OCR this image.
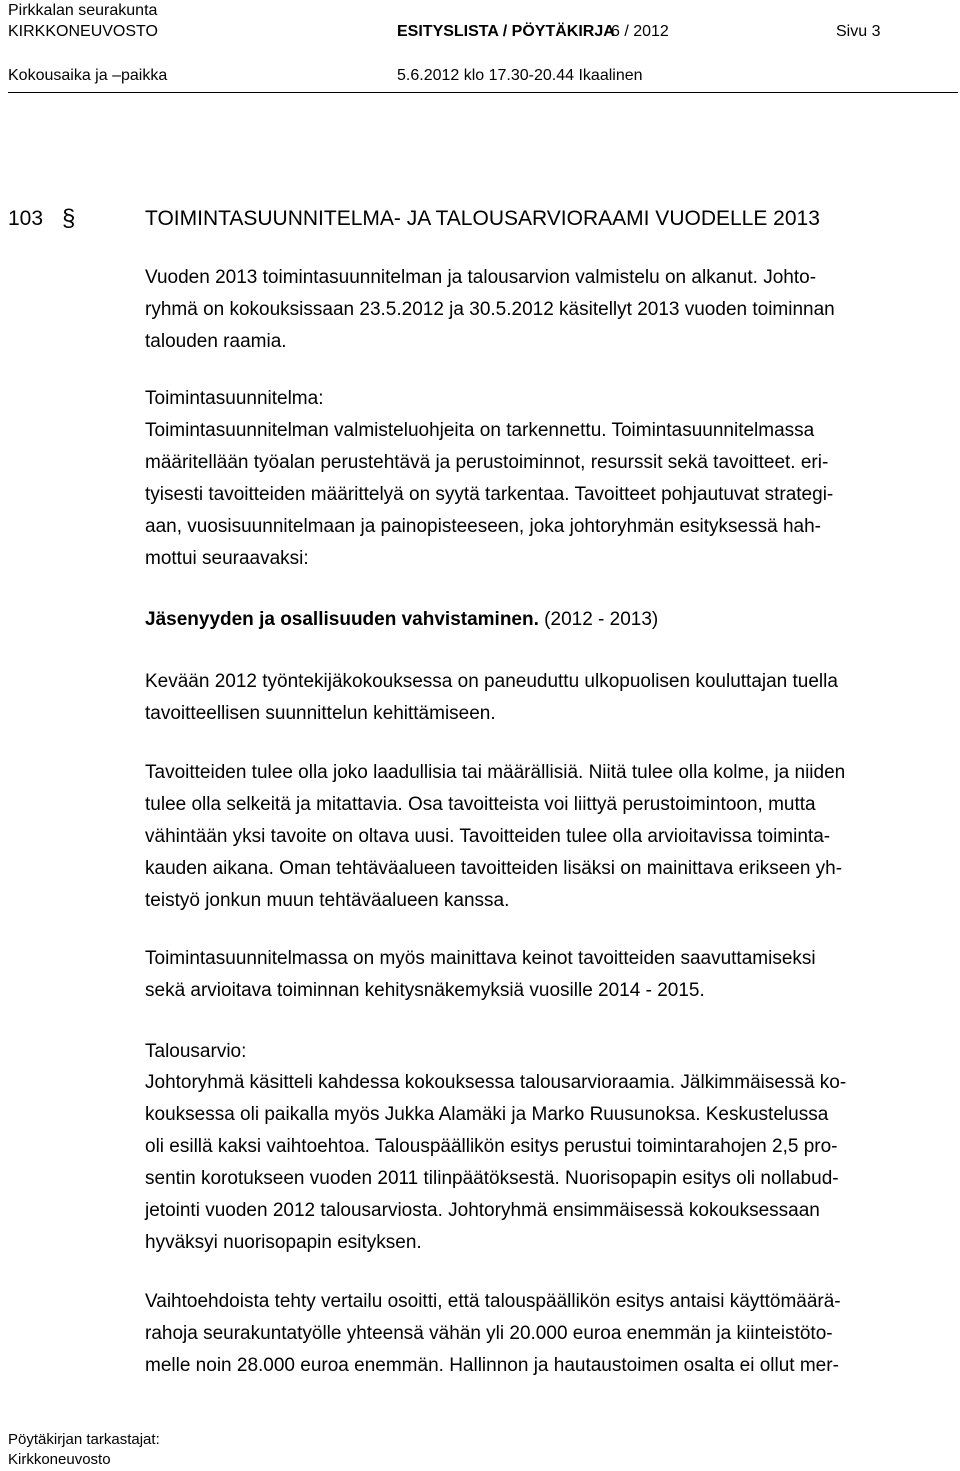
Pirkkalan seurakunta
KIRKKONEUVOSTO	ESITYSLISTA / PÖYTÄKIRJA
6 / 2012	Sivu 3
Kokousaika ja –paikka	5.6.2012 klo 17.30-20.44 Ikaalinen
103 §	TOIMINTASUUNNITELMA- JA TALOUSARVIORAAMI VUODELLE 2013
Vuoden 2013 toimintasuunnitelman ja talousarvion valmistelu on alkanut. Johto-
ryhmä on kokouksissaan 23.5.2012 ja 30.5.2012 käsitellyt 2013 vuoden toiminnan
talouden raamia.
Toimintasuunnitelma:
Toimintasuunnitelman valmisteluohjeita on tarkennettu. Toimintasuunnitelmassa
määritellään työalan perustehtävä ja perustoiminnot, resurssit sekä tavoitteet. eri-
tyisesti tavoitteiden määrittelyä on syytä tarkentaa. Tavoitteet pohjautuvat strategi-
aan, vuosisuunnitelmaan ja painopisteeseen, joka johtoryhmän esityksessä hah-
mottui seuraavaksi:
Jäsenyyden ja osallisuuden vahvistaminen. (2012 - 2013)
Kevään 2012 työntekijäkokouksessa on paneuduttu ulkopuolisen kouluttajan tuella
tavoitteellisen suunnittelun kehittämiseen.
Tavoitteiden tulee olla joko laadullisia tai määrällisiä. Niitä tulee olla kolme, ja niiden
tulee olla selkeitä ja mitattavia. Osa tavoitteista voi liittyä perustoimintoon, mutta
vähintään yksi tavoite on oltava uusi. Tavoitteiden tulee olla arvioitavissa toiminta-
kauden aikana. Oman tehtäväalueen tavoitteiden lisäksi on mainittava erikseen yh-
teistyö jonkun muun tehtäväalueen kanssa.
Toimintasuunnitelmassa on myös mainittava keinot tavoitteiden saavuttamiseksi
sekä arvioitava toiminnan kehitysnäkemyksiä vuosille 2014 - 2015.
Talousarvio:
Johtoryhmä käsitteli kahdessa kokouksessa talousarvioraamia. Jälkimmäisessä ko-
kouksessa oli paikalla myös Jukka Alamäki ja Marko Ruusunoksa. Keskustelussa
oli esillä kaksi vaihtoehtoa. Talouspäällikön esitys perustui toimintarahojen 2,5 pro-
sentin korotukseen vuoden 2011 tilinpäätöksestä. Nuorisopapin esitys oli nollabud-
jetointi vuoden 2012 talousarviosta. Johtoryhmä ensimmäisessä kokouksessaan
hyväksyi nuorisopapin esityksen.
Vaihtoehdoista tehty vertailu osoitti, että talouspäällikön esitys antaisi käyttömäärä-
rahoja seurakuntatyölle yhteensä vähän yli 20.000 euroa enemmän ja kiinteistöto-
melle noin 28.000 euroa enemmän. Hallinnon ja hautaustoimen osalta ei ollut mer-
Pöytäkirjan tarkastajat:
Kirkkoneuvosto
